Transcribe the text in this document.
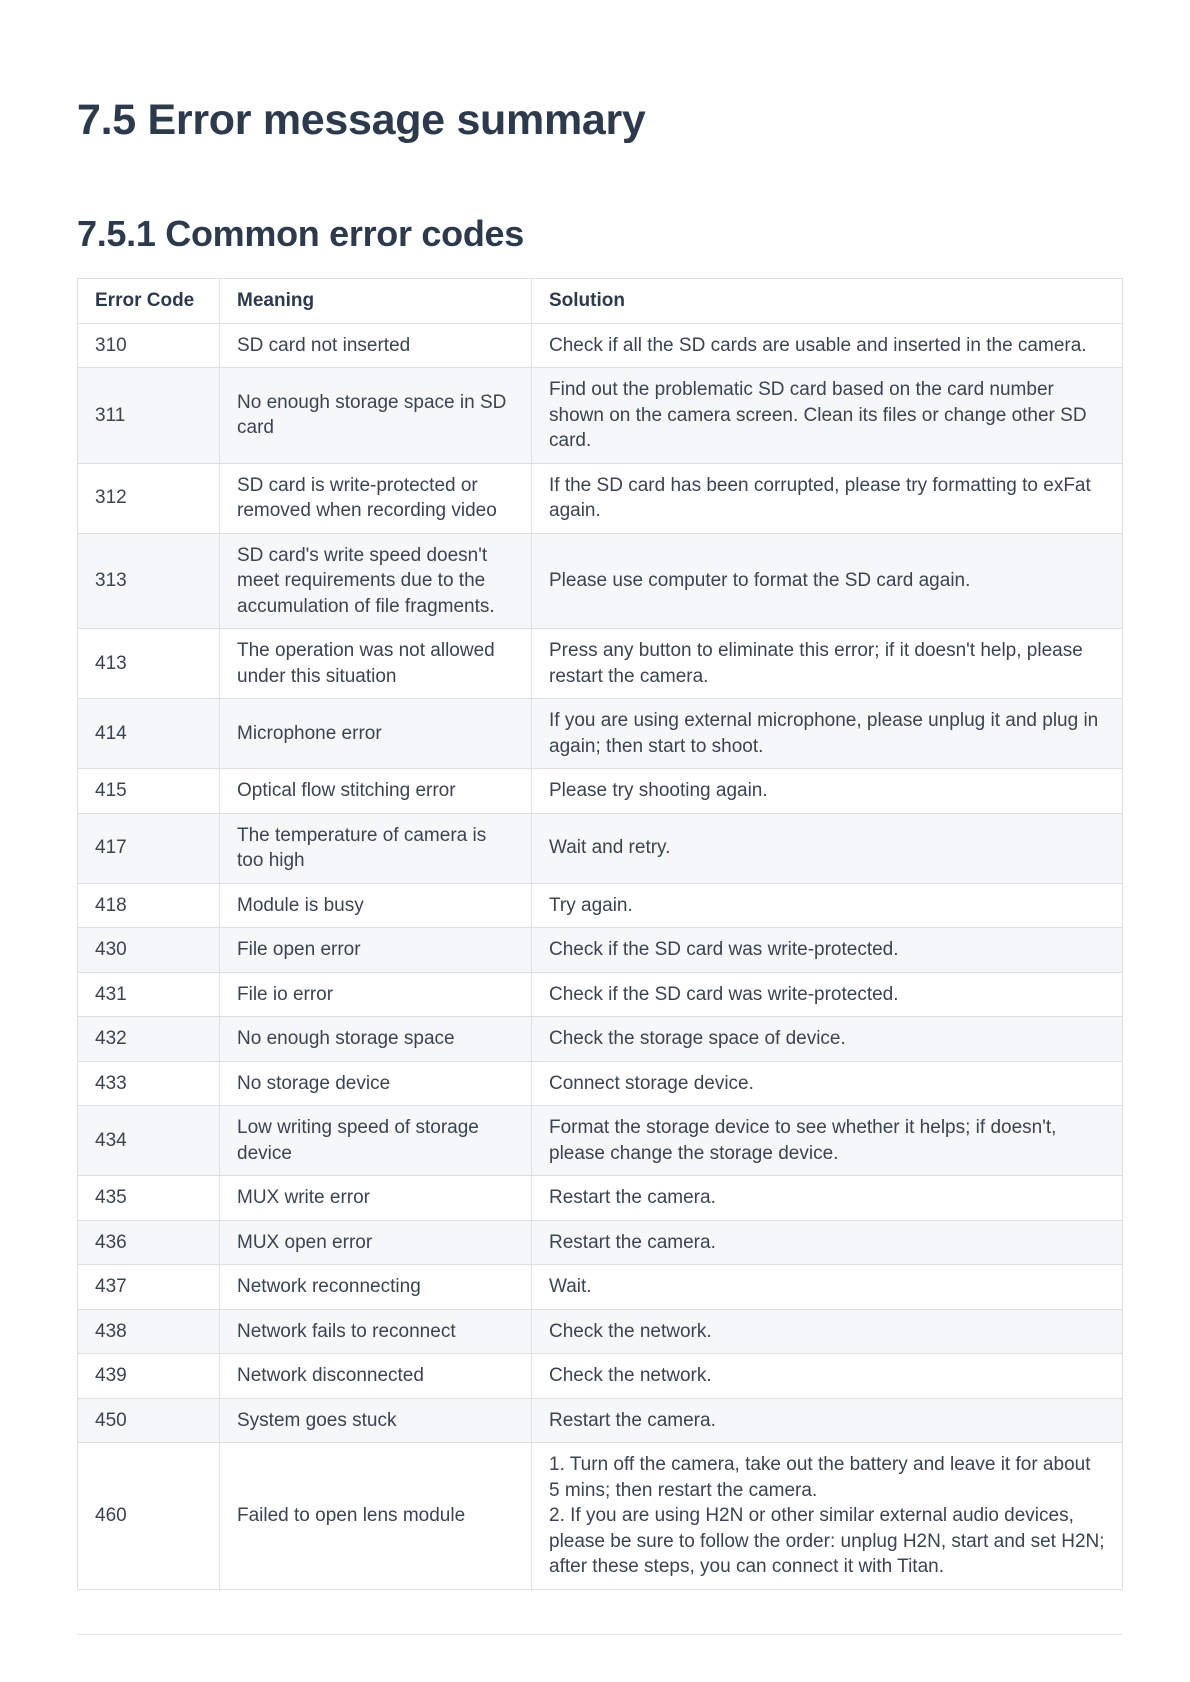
7.5 Error message summary
7.5.1 Common error codes
Error Code	Meaning	Solution
310	SD card not inserted	Check if all the SD cards are usable and inserted in the camera.
311	No enough storage space in SD card	Find out the problematic SD card based on the card number shown on the camera screen. Clean its files or change other SD card.
312	SD card is write-protected or removed when recording video	If the SD card has been corrupted, please try formatting to exFat again.
313	SD card's write speed doesn't meet requirements due to the accumulation of file fragments.	Please use computer to format the SD card again.
413	The operation was not allowed under this situation	Press any button to eliminate this error; if it doesn't help, please restart the camera.
414	Microphone error	If you are using external microphone, please unplug it and plug in again; then start to shoot.
415	Optical flow stitching error	Please try shooting again.
417	The temperature of camera is too high	Wait and retry.
418	Module is busy	Try again.
430	File open error	Check if the SD card was write-protected.
431	File io error	Check if the SD card was write-protected.
432	No enough storage space	Check the storage space of device.
433	No storage device	Connect storage device.
434	Low writing speed of storage device	Format the storage device to see whether it helps; if doesn't, please change the storage device.
435	MUX write error	Restart the camera.
436	MUX open error	Restart the camera.
437	Network reconnecting	Wait.
438	Network fails to reconnect	Check the network.
439	Network disconnected	Check the network.
450	System goes stuck	Restart the camera.
460	Failed to open lens module	1. Turn off the camera, take out the battery and leave it for about 5 mins; then restart the camera.
2. If you are using H2N or other similar external audio devices, please be sure to follow the order: unplug H2N, start and set H2N; after these steps, you can connect it with Titan.
